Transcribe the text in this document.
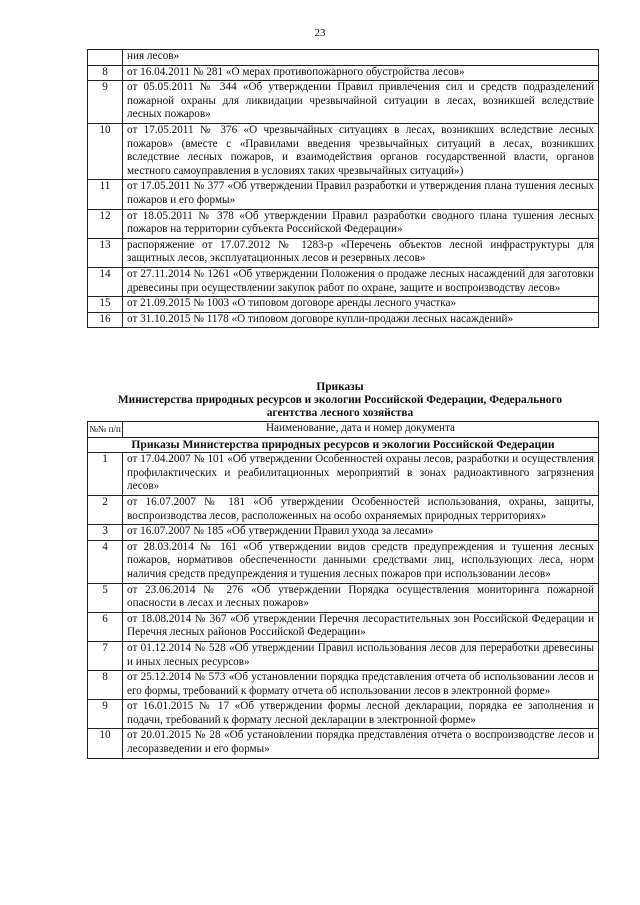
23
	ния лесов»
8	от 16.04.2011 № 281 «О мерах противопожарного обустройства лесов»
9	от 05.05.2011 № 344 «Об утверждении Правил привлечения сил и средств подразделений пожарной охраны для ликвидации чрезвычайной ситуации в лесах, возникшей вследствие лесных пожаров»
10	от 17.05.2011 № 376 «О чрезвычайных ситуациях в лесах, возникших вследствие лесных пожаров» (вместе с «Правилами введения чрезвычайных ситуаций в лесах, возникших вследствие лесных пожаров, и взаимодействия органов государственной власти, органов местного самоуправления в условиях таких чрезвычайных ситуаций»)
11	от 17.05.2011 № 377 «Об утверждении Правил разработки и утверждения плана тушения лесных пожаров и его формы»
12	от 18.05.2011 № 378 «Об утверждении Правил разработки сводного плана тушения лесных пожаров на территории субъекта Российской Федерации»
13	распоряжение от 17.07.2012 № 1283-р «Перечень объектов лесной инфраструктуры для защитных лесов, эксплуатационных лесов и резервных лесов»
14	от 27.11.2014 № 1261 «Об утверждении Положения о продаже лесных насаждений для заготовки древесины при осуществлении закупок работ по охране, защите и воспроизводству лесов»
15	от 21.09.2015 № 1003 «О типовом договоре аренды лесного участка»
16	от 31.10.2015 № 1178 «О типовом договоре купли-продажи лесных насаждений»
Приказы
Министерства природных ресурсов и экологии Российской Федерации, Федерального
агентства лесного хозяйства
№№ п/п	Наименование, дата и номер документа
Приказы Министерства природных ресурсов и экологии Российской Федерации	
1	от 17.04.2007 № 101 «Об утверждении Особенностей охраны лесов, разработки и осуществления профилактических и реабилитационных мероприятий в зонах радиоактивного загрязнения лесов»
2	от 16.07.2007 № 181 «Об утверждении Особенностей использования, охраны, защиты, воспроизводства лесов, расположенных на особо охраняемых природных территориях»
3	от 16.07.2007 № 185 «Об утверждении Правил ухода за лесами»
4	от 28.03.2014 № 161 «Об утверждении видов средств предупреждения и тушения лесных пожаров, нормативов обеспеченности данными средствами лиц, использующих леса, норм наличия средств предупреждения и тушения лесных пожаров при использовании лесов»
5	от 23.06.2014 № 276 «Об утверждении Порядка осуществления мониторинга пожарной опасности в лесах и лесных пожаров»
6	от 18.08.2014 № 367 «Об утверждении Перечня лесорастительных зон Российской Федерации и Перечня лесных районов Российской Федерации»
7	от 01.12.2014 № 528 «Об утверждении Правил использования лесов для переработки древесины и иных лесных ресурсов»
8	от 25.12.2014 № 573 «Об установлении порядка представления отчета об использовании лесов и его формы, требований к формату отчета об использовании лесов в электронной форме»
9	от 16.01.2015 № 17 «Об утверждении формы лесной декларации, порядка ее заполнения и подачи, требований к формату лесной декларации в электронной форме»
10	от 20.01.2015 № 28 «Об установлении порядка представления отчета о воспроизводстве лесов и лесоразведении и его формы»
